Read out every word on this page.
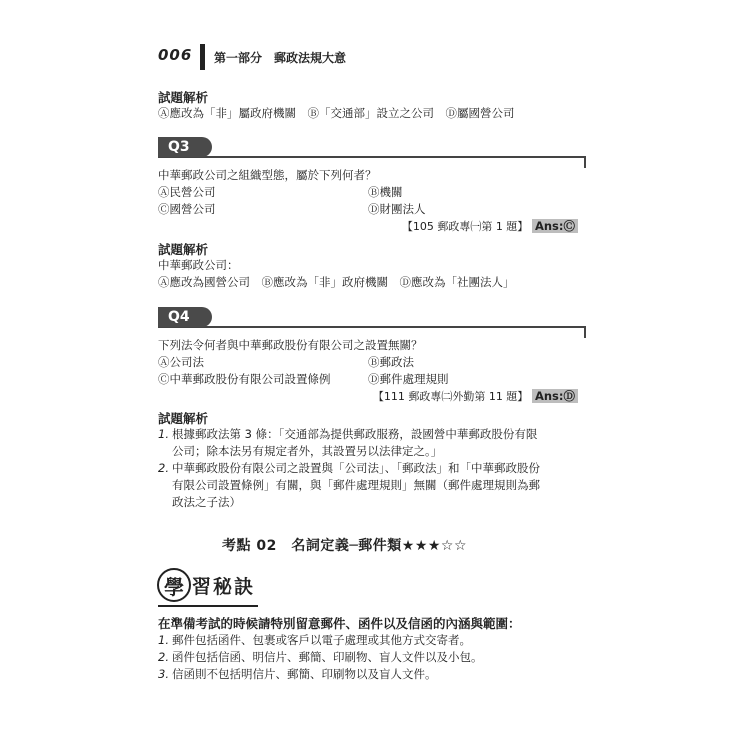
006 第一部分　郵政法規大意
試題解析
Ⓐ應改為「非」屬政府機關　Ⓑ「交通部」設立之公司　Ⓓ屬國營公司
Q3
中華郵政公司之組織型態，屬於下列何者？
Ⓐ民營公司	Ⓑ機關
Ⓒ國營公司	Ⓓ財團法人
【105 郵政專㈠第 1 題】 Ans:Ⓒ
試題解析
中華郵政公司：
Ⓐ應改為國營公司　Ⓑ應改為「非」政府機關　Ⓓ應改為「社團法人」
Q4
下列法令何者與中華郵政股份有限公司之設置無關？
Ⓐ公司法	Ⓑ郵政法
Ⓒ中華郵政股份有限公司設置條例	Ⓓ郵件處理規則
【111 郵政專㈡外勤第 11 題】 Ans:Ⓓ
試題解析
1. 根據郵政法第 3 條：「交通部為提供郵政服務，設國營中華郵政股份有限
公司；除本法另有規定者外，其設置另以法律定之。」
2. 中華郵政股份有限公司之設置與「公司法」、「郵政法」和「中華郵政股份
有限公司設置條例」有關，與「郵件處理規則」無關（郵件處理規則為郵
政法之子法）
考點 02　名詞定義─郵件類★★★☆☆
學 習秘訣
在準備考試的時候請特別留意郵件、函件以及信函的內涵與範圍：
1. 郵件包括函件、包裹或客戶以電子處理或其他方式交寄者。
2. 函件包括信函、明信片、郵簡、印刷物、盲人文件以及小包。
3. 信函則不包括明信片、郵簡、印刷物以及盲人文件。
